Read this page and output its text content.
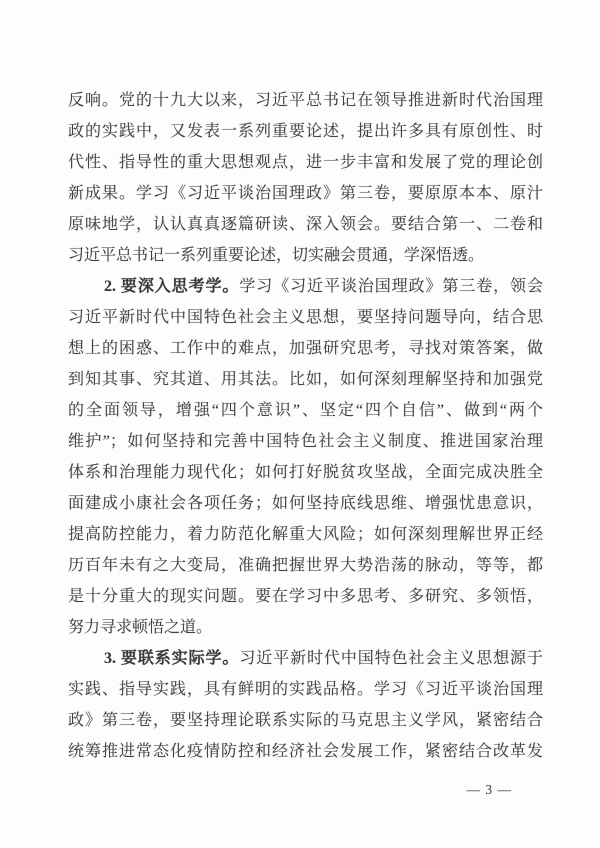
反响。党的十九大以来，习近平总书记在领导推进新时代治国理
政的实践中，又发表一系列重要论述，提出许多具有原创性、时
代性、指导性的重大思想观点，进一步丰富和发展了党的理论创
新成果。学习《习近平谈治国理政》第三卷，要原原本本、原汁
原味地学，认认真真逐篇研读、深入领会。要结合第一、二卷和
习近平总书记一系列重要论述，切实融会贯通，学深悟透。
2. 要深入思考学。学习《习近平谈治国理政》第三卷，领会
习近平新时代中国特色社会主义思想，要坚持问题导向，结合思
想上的困惑、工作中的难点，加强研究思考，寻找对策答案，做
到知其事、究其道、用其法。比如，如何深刻理解坚持和加强党
的全面领导，增强“四个意识”、坚定“四个自信”、做到“两个
维护”；如何坚持和完善中国特色社会主义制度、推进国家治理
体系和治理能力现代化；如何打好脱贫攻坚战，全面完成决胜全
面建成小康社会各项任务；如何坚持底线思维、增强忧患意识，
提高防控能力，着力防范化解重大风险；如何深刻理解世界正经
历百年未有之大变局，准确把握世界大势浩荡的脉动，等等，都
是十分重大的现实问题。要在学习中多思考、多研究、多领悟，
努力寻求顿悟之道。
3. 要联系实际学。习近平新时代中国特色社会主义思想源于
实践、指导实践，具有鲜明的实践品格。学习《习近平谈治国理
政》第三卷，要坚持理论联系实际的马克思主义学风，紧密结合
统筹推进常态化疫情防控和经济社会发展工作，紧密结合改革发
— 3 —
